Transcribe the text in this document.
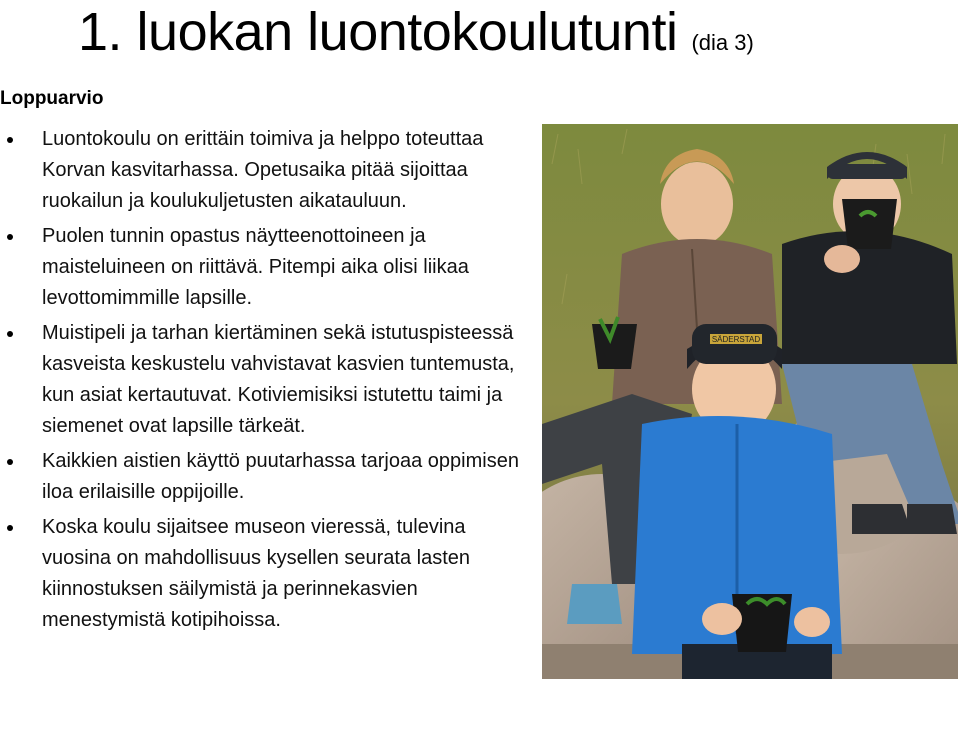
1. luokan luontokoulutunti (dia 3)
Loppuarvio
Luontokoulu on erittäin toimiva ja helppo toteuttaa Korvan kasvitarhassa. Opetusaika pitää sijoittaa ruokailun ja koulukuljetusten aikatauluun.
Puolen tunnin opastus näytteenottoineen ja maisteluineen on riittävä. Pitempi aika olisi liikaa levottomimmille lapsille.
Muistipeli ja tarhan kiertäminen sekä istutuspisteessä kasveista keskustelu vahvistavat kasvien tuntemusta, kun asiat kertautuvat. Kotiviemisiksi istutettu taimi ja siemenet ovat lapsille tärkeät.
Kaikkien aistien käyttö puutarhassa tarjoaa oppimisen iloa erilaisille oppijoille.
Koska koulu sijaitsee museon vieressä, tulevina vuosina on mahdollisuus kysellen seurata lasten kiinnostuksen säilymistä ja perinnekasvien menestymistä kotipihoissa.
SÄDERSTAD
